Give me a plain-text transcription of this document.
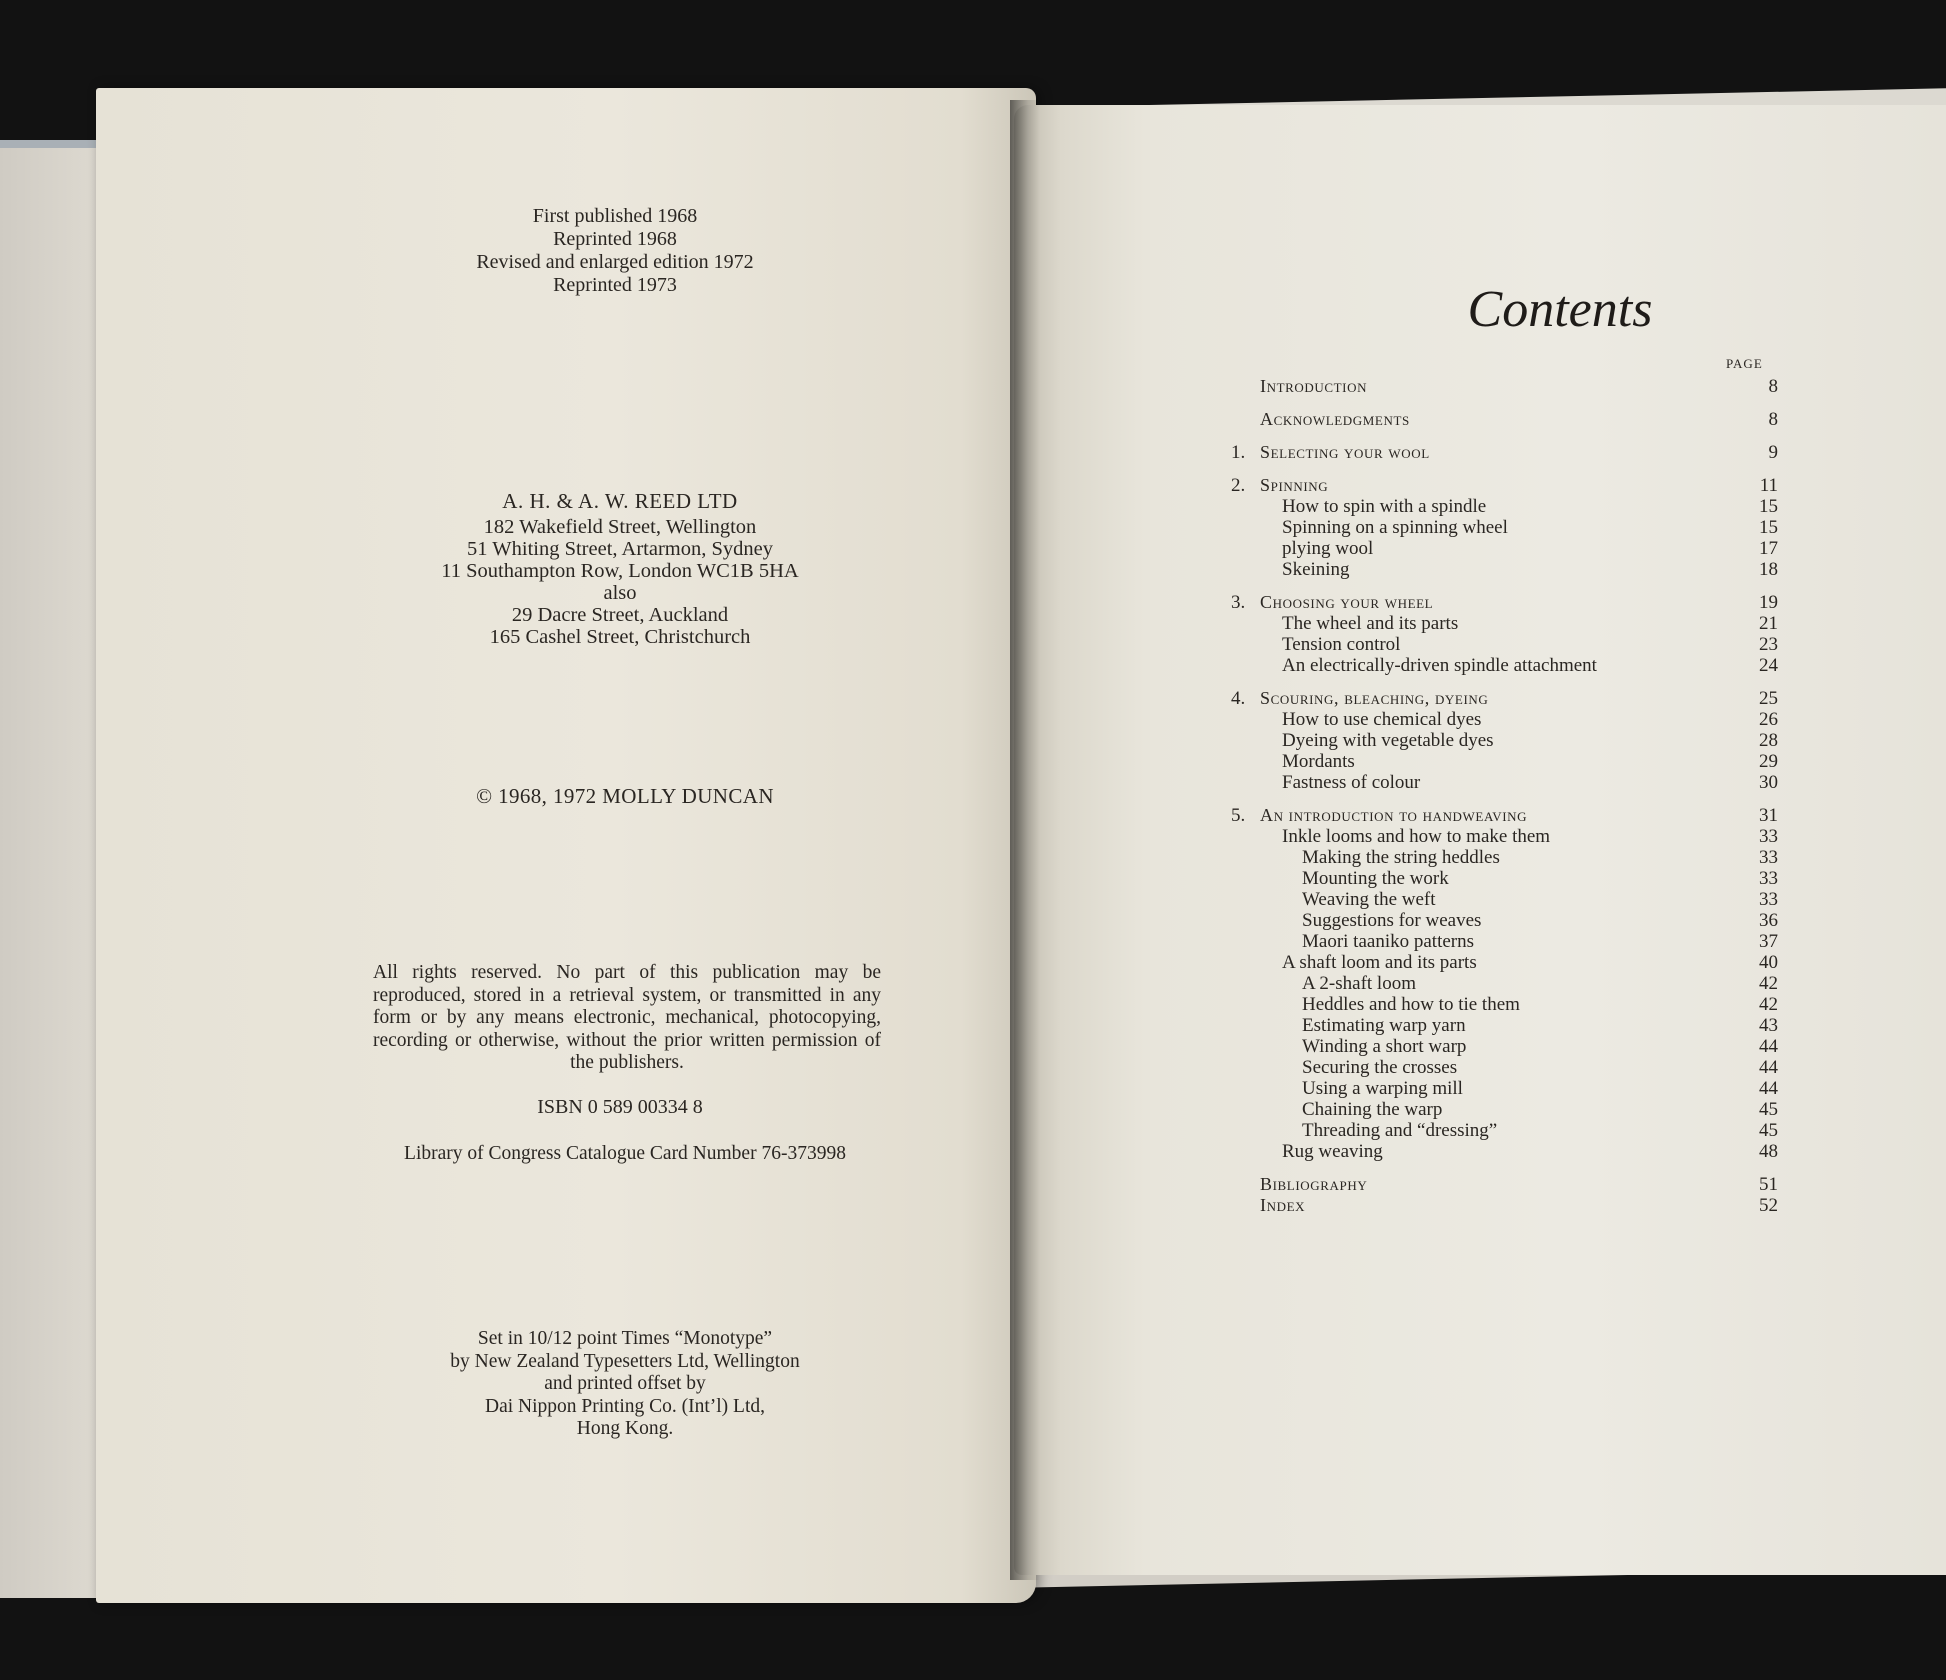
First published 1968
Reprinted 1968
Revised and enlarged edition 1972
Reprinted 1973
A. H. & A. W. REED LTD
182 Wakefield Street, Wellington
51 Whiting Street, Artarmon, Sydney
11 Southampton Row, London WC1B 5HA
also
29 Dacre Street, Auckland
165 Cashel Street, Christchurch
© 1968, 1972 MOLLY DUNCAN
All rights reserved. No part of this publication may be reproduced, stored in a retrieval system, or transmitted in any form or by any means electronic, mechanical, photocopying, recording or otherwise, without the prior written permission of the publishers.
ISBN 0 589 00334 8
Library of Congress Catalogue Card Number 76-373998
Set in 10/12 point Times “Monotype”
by New Zealand Typesetters Ltd, Wellington
and printed offset by
Dai Nippon Printing Co. (Int’l) Ltd,
Hong Kong.
Contents
PAGE
Introduction	8
Acknowledgments	8
1. Selecting your wool	9
2. Spinning	11
How to spin with a spindle	15
Spinning on a spinning wheel	15
plying wool	17
Skeining	18
3. Choosing your wheel	19
The wheel and its parts	21
Tension control	23
An electrically-driven spindle attachment	24
4. Scouring, bleaching, dyeing	25
How to use chemical dyes	26
Dyeing with vegetable dyes	28
Mordants	29
Fastness of colour	30
5. An introduction to handweaving	31
Inkle looms and how to make them	33
Making the string heddles	33
Mounting the work	33
Weaving the weft	33
Suggestions for weaves	36
Maori taaniko patterns	37
A shaft loom and its parts	40
A 2-shaft loom	42
Heddles and how to tie them	42
Estimating warp yarn	43
Winding a short warp	44
Securing the crosses	44
Using a warping mill	44
Chaining the warp	45
Threading and “dressing”	45
Rug weaving	48
Bibliography	51
Index	52
